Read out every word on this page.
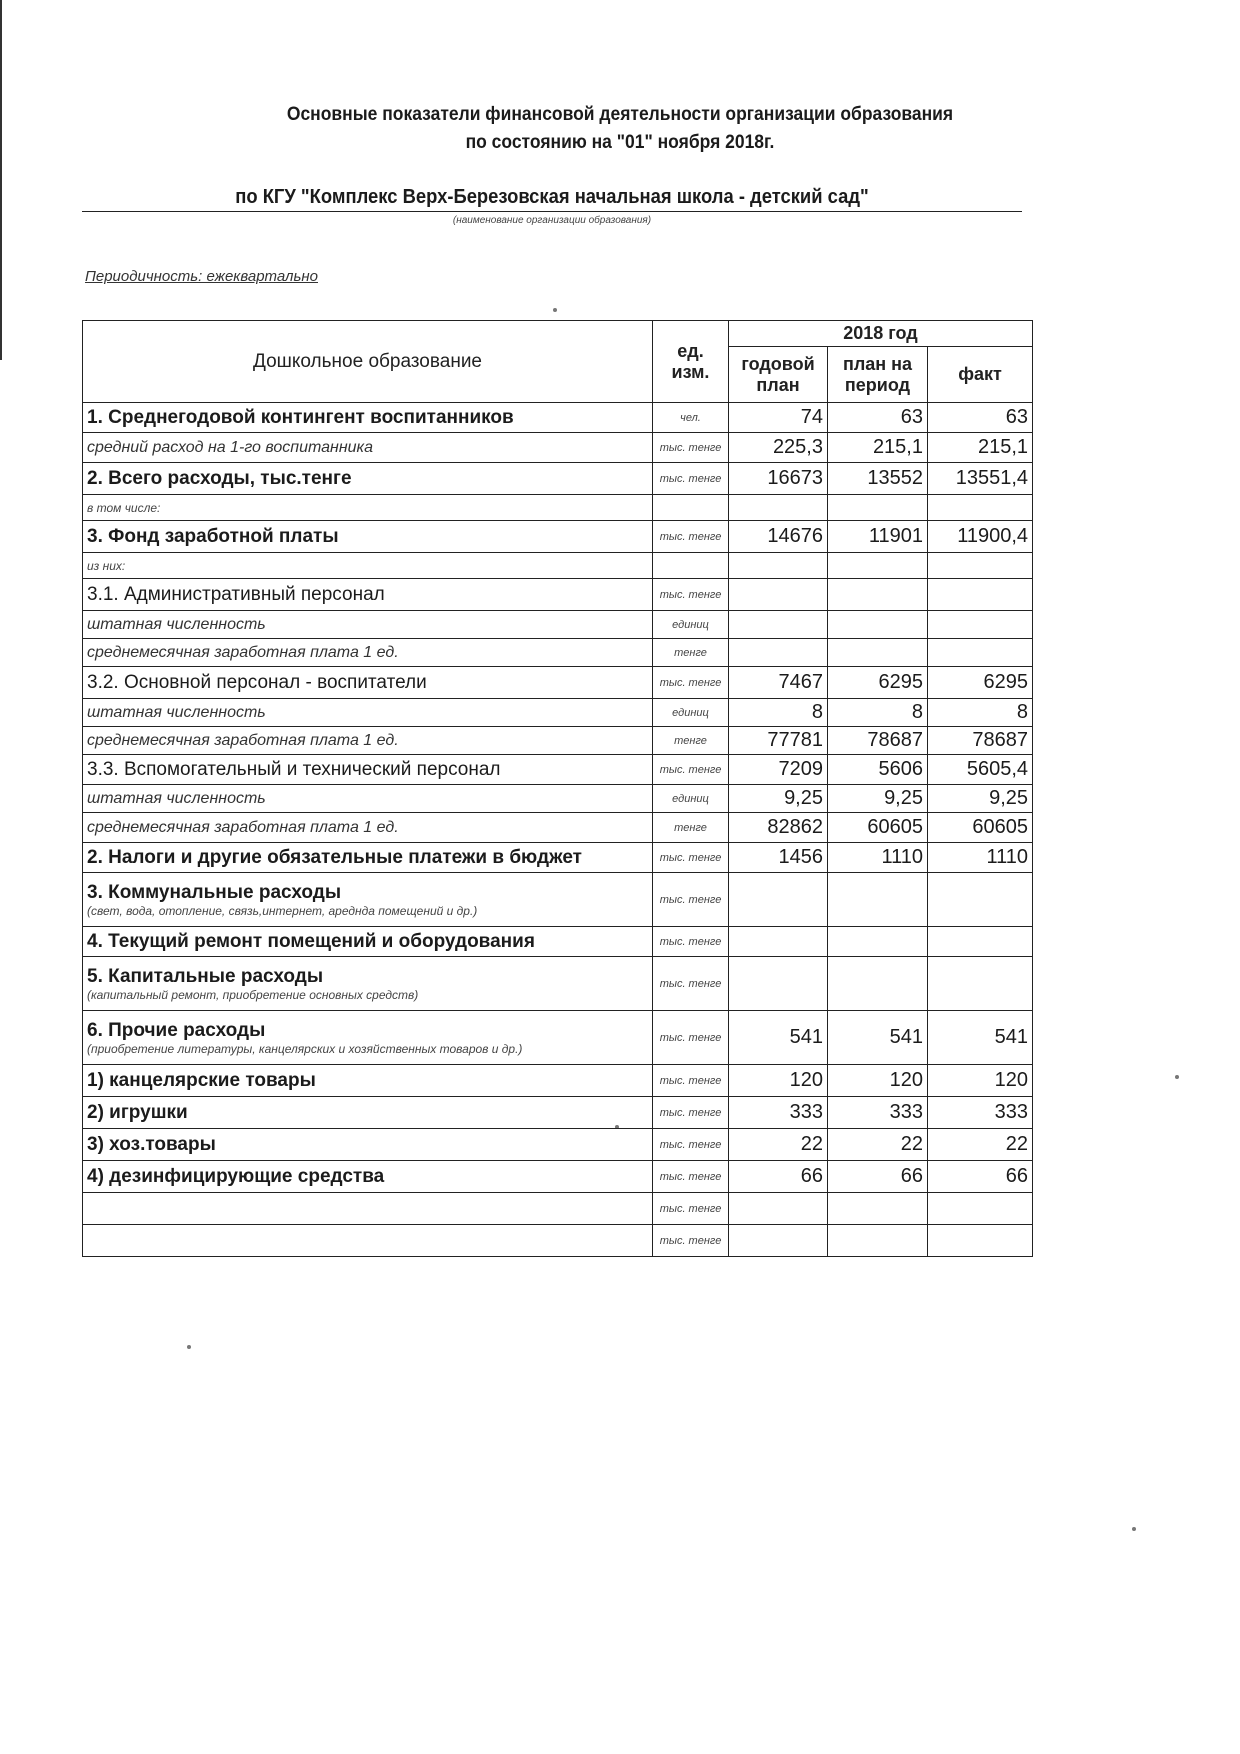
Основные показатели финансовой деятельности организации образования
по состоянию на "01" ноября 2018г.
по КГУ "Комплекс Верх-Березовская начальная школа - детский сад"
(наименование организации образования)
Периодичность: ежеквартально
Дошкольное образование	ед. изм.	2018 год		
		годовой план	план на период	факт
1. Среднегодовой контингент воспитанников	чел.	74	63	63
средний расход на 1-го воспитанника	тыс. тенге	225,3	215,1	215,1
2. Всего расходы, тыс.тенге	тыс. тенге	16673	13552	13551,4
в том числе:				
3. Фонд заработной платы	тыс. тенге	14676	11901	11900,4
из них:				
3.1. Административный персонал	тыс. тенге			
штатная численность	единиц			
среднемесячная заработная плата 1 ед.	тенге			
3.2. Основной персонал - воспитатели	тыс. тенге	7467	6295	6295
штатная численность	единиц	8	8	8
среднемесячная заработная плата 1 ед.	тенге	77781	78687	78687
3.3. Вспомогательный и технический персонал	тыс. тенге	7209	5606	5605,4
штатная численность	единиц	9,25	9,25	9,25
среднемесячная заработная плата 1 ед.	тенге	82862	60605	60605
2. Налоги и другие обязательные платежи в бюджет	тыс. тенге	1456	1110	1110
3. Коммунальные расходы
(свет, вода, отопление, связь,интернет, аредндa помещений и др.)	тыс. тенге			
4. Текущий ремонт помещений и оборудования	тыс. тенге			
5. Капитальные расходы
(капитальный ремонт, приобретение основных средств)	тыс. тенге			
6. Прочие расходы
(приобретение литературы, канцелярских и хозяйственных товаров и др.)	тыс. тенге	541	541	541
1) канцелярские товары	тыс. тенге	120	120	120
2) игрушки	тыс. тенге	333	333	333
3) хоз.товары	тыс. тенге	22	22	22
4) дезинфицирующие средства	тыс. тенге	66	66	66
	тыс. тенге			
	тыс. тенге			
